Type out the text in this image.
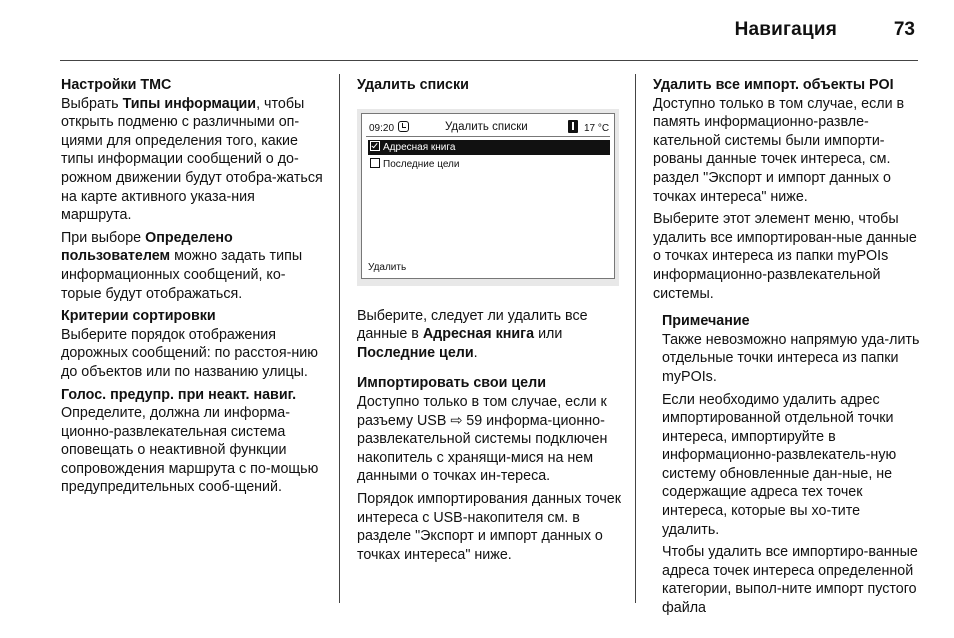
Навигация	73

Настройки TMC

Выбрать Типы информации, чтобы открыть подменю с различными оп-циями для определения того, какие типы информации сообщений о до-рожном движении будут отобра-жаться на карте активного указа-ния маршрута.

При выборе Определено пользователем можно задать типы информационных сообщений, ко-торые будут отображаться.

Критерии сортировки

Выберите порядок отображения дорожных сообщений: по расстоя-нию до объектов или по названию улицы.

Голос. предупр. при неакт. навиг.

Определите, должна ли информа-ционно-развлекательная система оповещать о неактивной функции сопровождения маршрута с по-мощью предупредительных сооб-щений.

Удалить списки

09:20	Удалить списки	17 °C
Адресная книга
Последние цели
Удалить

Выберите, следует ли удалить все данные в Адресная книга или Последние цели.

Импортировать свои цели

Доступно только в том случае, если к разъему USB ⇨ 59 информа-ционно-развлекательной системы подключен накопитель с хранящи-мися на нем данными о точках ин-тереса.

Порядок импортирования данных точек интереса с USB-накопителя см. в разделе "Экспорт и импорт данных о точках интереса" ниже.

Удалить все импорт. объекты POI

Доступно только в том случае, если в память информационно-развле-кательной системы были импорти-рованы данные точек интереса, см. раздел "Экспорт и импорт данных о точках интереса" ниже.

Выберите этот элемент меню, чтобы удалить все импортирован-ные данные о точках интереса из папки myPOIs информационно-развлекательной системы.

Примечание

Также невозможно напрямую уда-лить отдельные точки интереса из папки myPOIs.

Если необходимо удалить адрес импортированной отдельной точки интереса, импортируйте в информационно-развлекатель-ную систему обновленные дан-ные, не содержащие адреса тех точек интереса, которые вы хо-тите удалить.

Чтобы удалить все импортиро-ванные адреса точек интереса определенной категории, выпол-ните импорт пустого файла
